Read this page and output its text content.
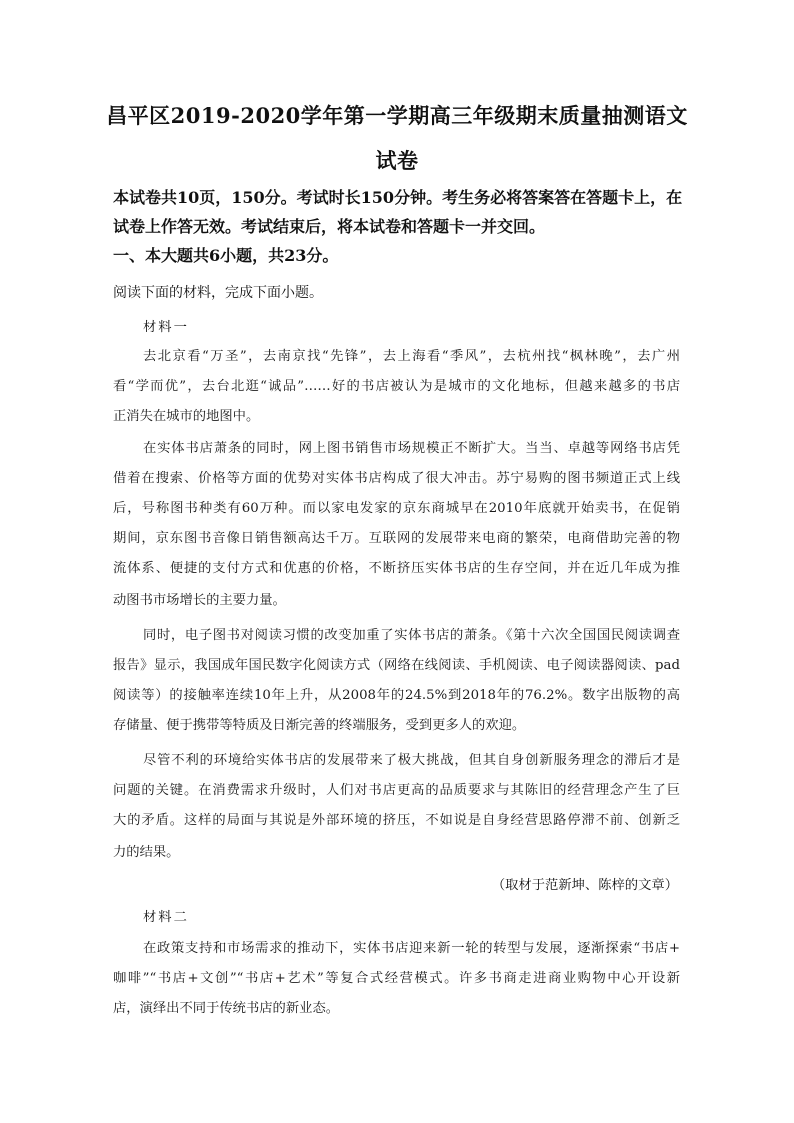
昌平区2019-2020学年第一学期高三年级期末质量抽测语文
试卷
本试卷共10页，150分。考试时长150分钟。考生务必将答案答在答题卡上，在
试卷上作答无效。考试结束后，将本试卷和答题卡一并交回。
一、本大题共6小题，共23分。
阅读下面的材料，完成下面小题。
材料一
去北京看“万圣”，去南京找“先锋”，去上海看“季风”，去杭州找“枫林晚”，去广州
看“学而优”，去台北逛“诚品”……好的书店被认为是城市的文化地标，但越来越多的书店
正消失在城市的地图中。
在实体书店萧条的同时，网上图书销售市场规模正不断扩大。当当、卓越等网络书店凭
借着在搜索、价格等方面的优势对实体书店构成了很大冲击。苏宁易购的图书频道正式上线
后，号称图书种类有60万种。而以家电发家的京东商城早在2010年底就开始卖书，在促销
期间，京东图书音像日销售额高达千万。互联网的发展带来电商的繁荣，电商借助完善的物
流体系、便捷的支付方式和优惠的价格，不断挤压实体书店的生存空间，并在近几年成为推
动图书市场增长的主要力量。
同时，电子图书对阅读习惯的改变加重了实体书店的萧条。《第十六次全国国民阅读调查
报告》显示，我国成年国民数字化阅读方式（网络在线阅读、手机阅读、电子阅读器阅读、pad
阅读等）的接触率连续10年上升，从2008年的24.5%到2018年的76.2%。数字出版物的高
存储量、便于携带等特质及日渐完善的终端服务，受到更多人的欢迎。
尽管不利的环境给实体书店的发展带来了极大挑战，但其自身创新服务理念的滞后才是
问题的关键。在消费需求升级时，人们对书店更高的品质要求与其陈旧的经营理念产生了巨
大的矛盾。这样的局面与其说是外部环境的挤压，不如说是自身经营思路停滞不前、创新乏
力的结果。
（取材于范新坤、陈梓的文章）
材料二
在政策支持和市场需求的推动下，实体书店迎来新一轮的转型与发展，逐渐探索“书店+
咖啡”“书店+文创”“书店+艺术”等复合式经营模式。许多书商走进商业购物中心开设新
店，演绎出不同于传统书店的新业态。
